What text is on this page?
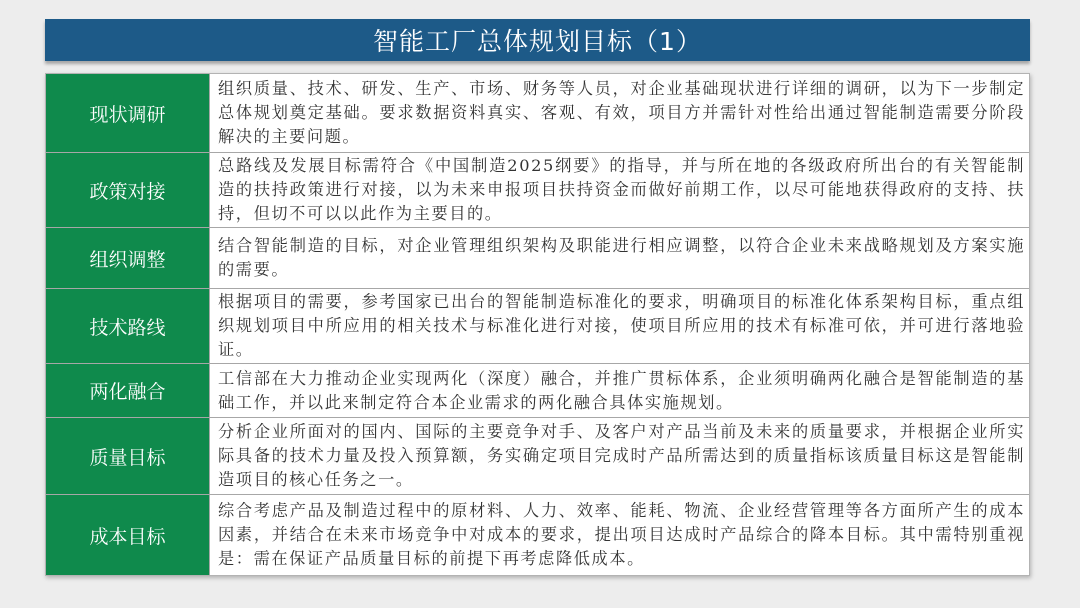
智能工厂总体规划目标（1）
现状调研
组织质量、技术、研发、生产、市场、财务等人员，对企业基础现状进行详细的调研，以为下一步制定总体规划奠定基础。要求数据资料真实、客观、有效，项目方并需针对性给出通过智能制造需要分阶段解决的主要问题。
政策对接
总路线及发展目标需符合《中国制造2025纲要》的指导，并与所在地的各级政府所出台的有关智能制造的扶持政策进行对接，以为未来申报项目扶持资金而做好前期工作，以尽可能地获得政府的支持、扶持，但切不可以以此作为主要目的。
组织调整
结合智能制造的目标，对企业管理组织架构及职能进行相应调整，以符合企业未来战略规划及方案实施的需要。
技术路线
根据项目的需要，参考国家已出台的智能制造标准化的要求，明确项目的标准化体系架构目标，重点组织规划项目中所应用的相关技术与标准化进行对接，使项目所应用的技术有标准可依，并可进行落地验证。
两化融合
工信部在大力推动企业实现两化（深度）融合，并推广贯标体系，企业须明确两化融合是智能制造的基础工作，并以此来制定符合本企业需求的两化融合具体实施规划。
质量目标
分析企业所面对的国内、国际的主要竞争对手、及客户对产品当前及未来的质量要求，并根据企业所实际具备的技术力量及投入预算额，务实确定项目完成时产品所需达到的质量指标该质量目标这是智能制造项目的核心任务之一。
成本目标
综合考虑产品及制造过程中的原材料、人力、效率、能耗、物流、企业经营管理等各方面所产生的成本因素，并结合在未来市场竞争中对成本的要求，提出项目达成时产品综合的降本目标。其中需特别重视是：需在保证产品质量目标的前提下再考虑降低成本。
